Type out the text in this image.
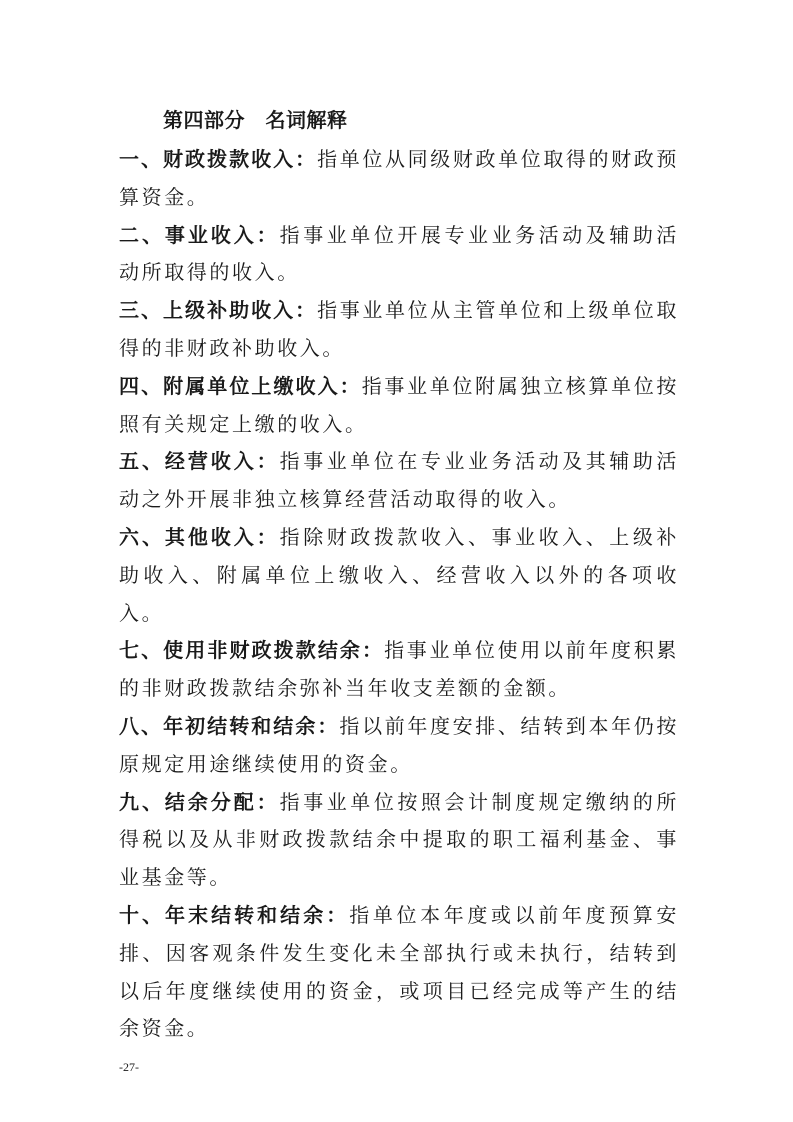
第四部分　名词解释

一、财政拨款收入：指单位从同级财政单位取得的财政预算资金。

二、事业收入：指事业单位开展专业业务活动及辅助活动所取得的收入。

三、上级补助收入：指事业单位从主管单位和上级单位取得的非财政补助收入。

四、附属单位上缴收入：指事业单位附属独立核算单位按照有关规定上缴的收入。

五、经营收入：指事业单位在专业业务活动及其辅助活动之外开展非独立核算经营活动取得的收入。

六、其他收入：指除财政拨款收入、事业收入、上级补助收入、附属单位上缴收入、经营收入以外的各项收入。

七、使用非财政拨款结余：指事业单位使用以前年度积累的非财政拨款结余弥补当年收支差额的金额。

八、年初结转和结余：指以前年度安排、结转到本年仍按原规定用途继续使用的资金。

九、结余分配：指事业单位按照会计制度规定缴纳的所得税以及从非财政拨款结余中提取的职工福利基金、事业基金等。

十、年末结转和结余：指单位本年度或以前年度预算安排、因客观条件发生变化未全部执行或未执行，结转到以后年度继续使用的资金，或项目已经完成等产生的结余资金。

-27-
